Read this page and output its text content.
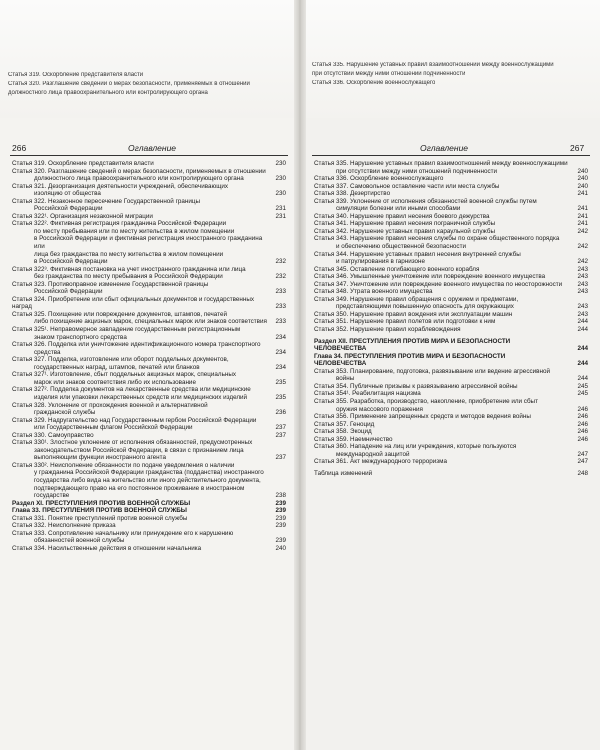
Статья 319. Оскорбление представителя власти
Статья 320. Разглашение сведений о мерах безопасности, применяемых в отношении
должностного лица правоохранительного или контролирующего органа
Статья 335. Нарушение уставных правил взаимоотношений между военнослужащими
при отсутствии между ними отношений подчиненности
Статья 336. Оскорбление военнослужащего
266	Оглавление	Оглавление	267
Статья 319. Оскорбление представителя власти	230
Статья 320. Разглашение сведений о мерах безопасности, применяемых в отношении
должностного лица правоохранительного или контролирующего органа	230
Статья 321. Дезорганизация деятельности учреждений, обеспечивающих
изоляцию от общества	230
Статья 322. Незаконное пересечение Государственной границы
Российской Федерации	231
Статья 322¹. Организация незаконной миграции	231
Статья 322². Фиктивная регистрация гражданина Российской Федерации
по месту пребывания или по месту жительства в жилом помещении
в Российской Федерации и фиктивная регистрация иностранного гражданина или
лица без гражданства по месту жительства в жилом помещении
в Российской Федерации	232
Статья 322³. Фиктивная постановка на учет иностранного гражданина или лица
без гражданства по месту пребывания в Российской Федерации	232
Статья 323. Противоправное изменение Государственной границы
Российской Федерации	233
Статья 324. Приобретение или сбыт официальных документов и государственных наград	233
Статья 325. Похищение или повреждение документов, штампов, печатей
либо похищение акцизных марок, специальных марок или знаков соответствия 233
Статья 325¹. Неправомерное завладение государственным регистрационным
знаком транспортного средства	234
Статья 326. Подделка или уничтожение идентификационного номера транспортного
средства	234
Статья 327. Подделка, изготовление или оборот поддельных документов,
государственных наград, штампов, печатей или бланков	234
Статья 327¹. Изготовление, сбыт поддельных акцизных марок, специальных
марок или знаков соответствия либо их использование	235
Статья 327². Подделка документов на лекарственные средства или медицинские
изделия или упаковки лекарственных средств или медицинских изделий	235
Статья 328. Уклонение от прохождения военной и альтернативной
гражданской службы	236
Статья 329. Надругательство над Государственным гербом Российской Федерации
или Государственным флагом Российской Федерации	237
Статья 330. Самоуправство	237
Статья 330¹. Злостное уклонение от исполнения обязанностей, предусмотренных
законодательством Российской Федерации, в связи с признанием лица
выполняющим функции иностранного агента	237
Статья 330². Неисполнение обязанности по подаче уведомления о наличии
у гражданина Российской Федерации гражданства (подданства) иностранного
государства либо вида на жительство или иного действительного документа,
подтверждающего право на его постоянное проживание в иностранном
государстве	238
Раздел XI. ПРЕСТУПЛЕНИЯ ПРОТИВ ВОЕННОЙ СЛУЖБЫ	239
Глава 33. ПРЕСТУПЛЕНИЯ ПРОТИВ ВОЕННОЙ СЛУЖБЫ	239
Статья 331. Понятие преступлений против военной службы	239
Статья 332. Неисполнение приказа	239
Статья 333. Сопротивление начальнику или принуждение его к нарушению
обязанностей военной службы	239
Статья 334. Насильственные действия в отношении начальника	240
Статья 335. Нарушение уставных правил взаимоотношений между военнослужащими
при отсутствии между ними отношений подчиненности	240
Статья 336. Оскорбление военнослужащего	240
Статья 337. Самовольное оставление части или места службы	240
Статья 338. Дезертирство	241
Статья 339. Уклонение от исполнения обязанностей военной службы путем
симуляции болезни или иными способами	241
Статья 340. Нарушение правил несения боевого дежурства	241
Статья 341. Нарушение правил несения пограничной службы	241
Статья 342. Нарушение уставных правил караульной службы	242
Статья 343. Нарушение правил несения службы по охране общественного порядка
и обеспечению общественной безопасности	242
Статья 344. Нарушение уставных правил несения внутренней службы
и патрулирования в гарнизоне	242
Статья 345. Оставление погибающего военного корабля	243
Статья 346. Умышленные уничтожение или повреждение военного имущества	243
Статья 347. Уничтожение или повреждение военного имущества по неосторожности 243
Статья 348. Утрата военного имущества	243
Статья 349. Нарушение правил обращения с оружием и предметами,
представляющими повышенную опасность для окружающих	243
Статья 350. Нарушение правил вождения или эксплуатации машин	243
Статья 351. Нарушение правил полетов или подготовки к ним	244
Статья 352. Нарушение правил кораблевождения	244
Раздел XII. ПРЕСТУПЛЕНИЯ ПРОТИВ МИРА И БЕЗОПАСНОСТИ
ЧЕЛОВЕЧЕСТВА	244
Глава 34. ПРЕСТУПЛЕНИЯ ПРОТИВ МИРА И БЕЗОПАСНОСТИ
ЧЕЛОВЕЧЕСТВА	244
Статья 353. Планирование, подготовка, развязывание или ведение агрессивной
войны	244
Статья 354. Публичные призывы к развязыванию агрессивной войны	245
Статья 354¹. Реабилитация нацизма	245
Статья 355. Разработка, производство, накопление, приобретение или сбыт
оружия массового поражения	246
Статья 356. Применение запрещенных средств и методов ведения войны	246
Статья 357. Геноцид	246
Статья 358. Экоцид	246
Статья 359. Наемничество	246
Статья 360. Нападение на лиц или учреждения, которые пользуются
международной защитой	247
Статья 361. Акт международного терроризма	247
Таблица изменений	248
